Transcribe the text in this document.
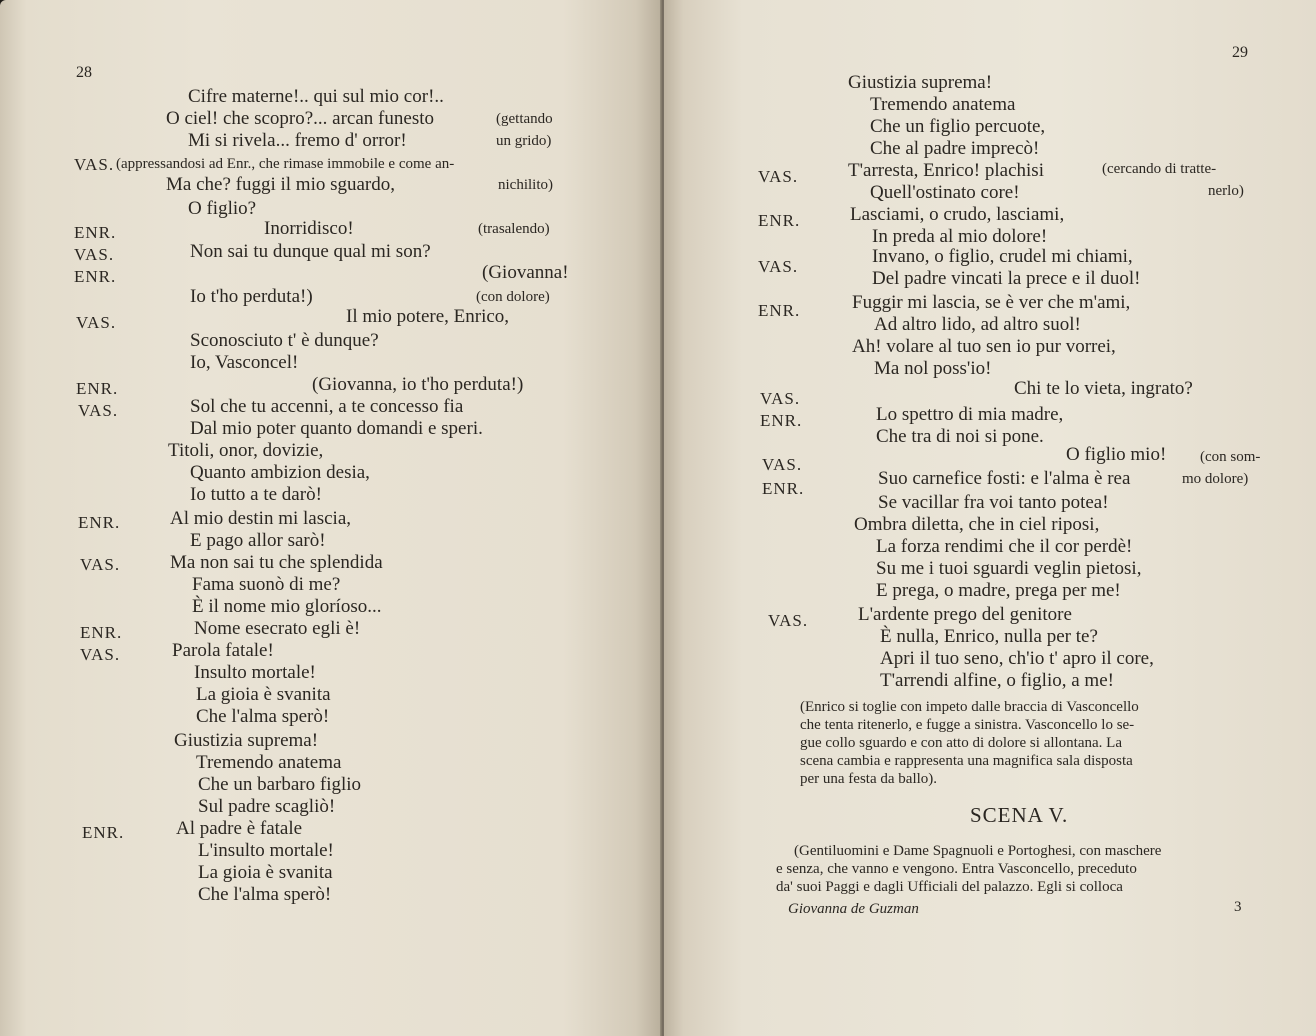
28
Cifre materne!.. qui sul mio cor!..
O ciel! che scopro?... arcan funesto	(gettando
Mi si rivela... fremo d' orror!	un grido)
VAS. (appressandosi ad Enr., che rimase immobile e come an-
Ma che? fuggi il mio sguardo,	nichilito)
O figlio?
ENR.	Inorridisco!	(trasalendo)
VAS.	Non sai tu dunque qual mi son?
ENR.	(Giovanna!
Io t'ho perduta!)	(con dolore)
VAS.	Il mio potere, Enrico,
Sconosciuto t' è dunque?
Io, Vasconcel!
ENR.	(Giovanna, io t'ho perduta!)
VAS.	Sol che tu accenni, a te concesso fia
Dal mio poter quanto domandi e speri.
Titoli, onor, dovizie,
Quanto ambizion desia,
Io tutto a te darò!
ENR.	Al mio destin mi lascia,
E pago allor sarò!
VAS.	Ma non sai tu che splendida
Fama suonò di me?
È il nome mio gloríoso...
ENR.	Nome esecrato egli è!
VAS.	Parola fatale!
Insulto mortale!
La gioia è svanita
Che l'alma sperò!
Giustizia suprema!
Tremendo anatema
Che un barbaro figlio
Sul padre scagliò!
ENR.	Al padre è fatale
L'insulto mortale!
La gioia è svanita
Che l'alma sperò!
29
Giustizia suprema!
Tremendo anatema
Che un figlio percuote,
Che al padre imprecò!
VAS.	T'arresta, Enrico! plachisi	(cercando di tratte-
Quell'ostinato core!	nerlo)
ENR.	Lasciami, o crudo, lasciami,
In preda al mio dolore!
VAS.	Invano, o figlio, crudel mi chiami,
Del padre vincati la prece e il duol!
ENR.	Fuggir mi lascia, se è ver che m'ami,
Ad altro lido, ad altro suol!
Ah! volare al tuo sen io pur vorrei,
Ma nol poss'io!
VAS.	Chi te lo vieta, ingrato?
ENR.	Lo spettro di mia madre,
Che tra di noi si pone.
VAS.	O figlio mio! (con som-
ENR.	Suo carnefice fosti: e l'alma è rea	mo dolore)
Se vacillar fra voi tanto potea!
Ombra diletta, che in ciel riposi,
La forza rendimi che il cor perdè!
Su me i tuoi sguardi veglin pietosi,
E prega, o madre, prega per me!
VAS.	L'ardente prego del genitore
È nulla, Enrico, nulla per te?
Apri il tuo seno, ch'io t' apro il core,
T'arrendi alfine, o figlio, a me!
(Enrico si toglie con impeto dalle braccia di Vasconcello
che tenta ritenerlo, e fugge a sinistra. Vasconcello lo se-
gue collo sguardo e con atto di dolore si allontana. La
scena cambia e rappresenta una magnifica sala disposta
per una festa da ballo).
SCENA V.
(Gentiluomini e Dame Spagnuoli e Portoghesi, con maschere
e senza, che vanno e vengono. Entra Vasconcello, preceduto
da' suoi Paggi e dagli Ufficiali del palazzo. Egli si colloca
Giovanna de Guzman	3
